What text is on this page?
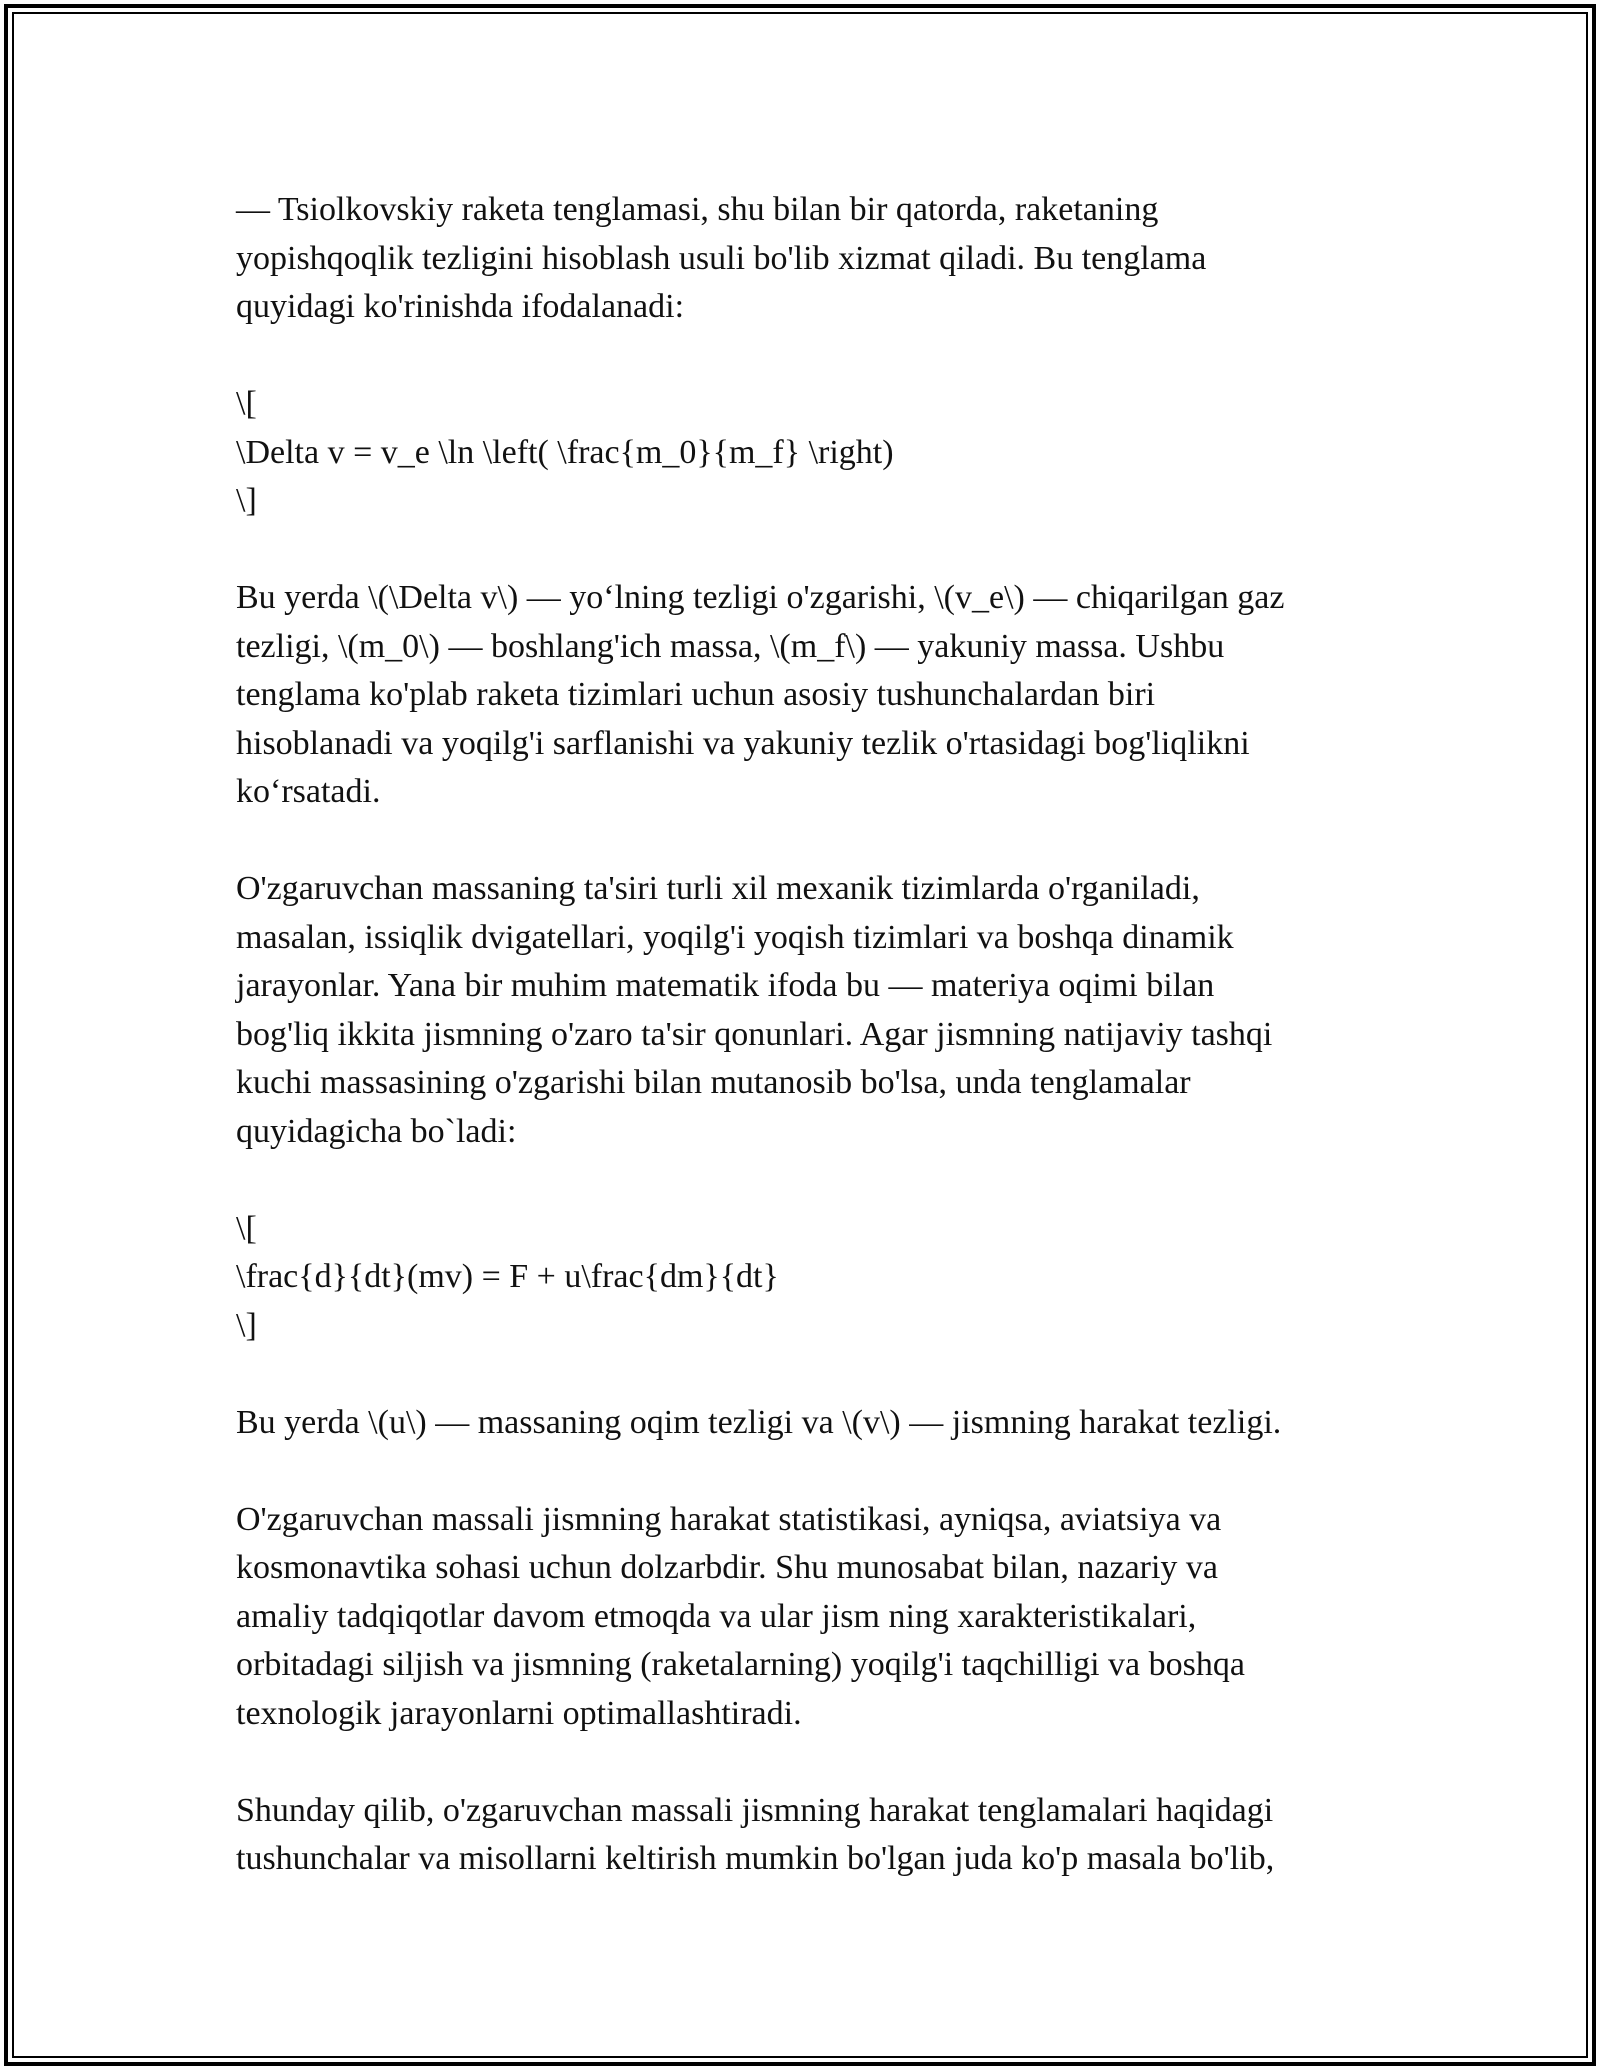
— Tsiolkovskiy raketa tenglamasi, shu bilan bir qatorda, raketaning
yopishqoqlik tezligini hisoblash usuli bo'lib xizmat qiladi. Bu tenglama
quyidagi ko'rinishda ifodalanadi:

\[
\Delta v = v_e \ln \left( \frac{m_0}{m_f} \right)
\]

Bu yerda \(\Delta v\) — yo‘lning tezligi o'zgarishi, \(v_e\) — chiqarilgan gaz
tezligi, \(m_0\) — boshlang'ich massa, \(m_f\) — yakuniy massa. Ushbu
tenglama ko'plab raketa tizimlari uchun asosiy tushunchalardan biri
hisoblanadi va yoqilg'i sarflanishi va yakuniy tezlik o'rtasidagi bog'liqlikni
ko‘rsatadi.

O'zgaruvchan massaning ta'siri turli xil mexanik tizimlarda o'rganiladi,
masalan, issiqlik dvigatellari, yoqilg'i yoqish tizimlari va boshqa dinamik
jarayonlar. Yana bir muhim matematik ifoda bu — materiya oqimi bilan
bog'liq ikkita jismning o'zaro ta'sir qonunlari. Agar jismning natijaviy tashqi
kuchi massasining o'zgarishi bilan mutanosib bo'lsa, unda tenglamalar
quyidagicha bo`ladi:

\[
\frac{d}{dt}(mv) = F + u\frac{dm}{dt}
\]

Bu yerda \(u\) — massaning oqim tezligi va \(v\) — jismning harakat tezligi.

O'zgaruvchan massali jismning harakat statistikasi, ayniqsa, aviatsiya va
kosmonavtika sohasi uchun dolzarbdir. Shu munosabat bilan, nazariy va
amaliy tadqiqotlar davom etmoqda va ular jism ning xarakteristikalari,
orbitadagi siljish va jismning (raketalarning) yoqilg'i taqchilligi va boshqa
texnologik jarayonlarni optimallashtiradi.

Shunday qilib, o'zgaruvchan massali jismning harakat tenglamalari haqidagi
tushunchalar va misollarni keltirish mumkin bo'lgan juda ko'p masala bo'lib,
